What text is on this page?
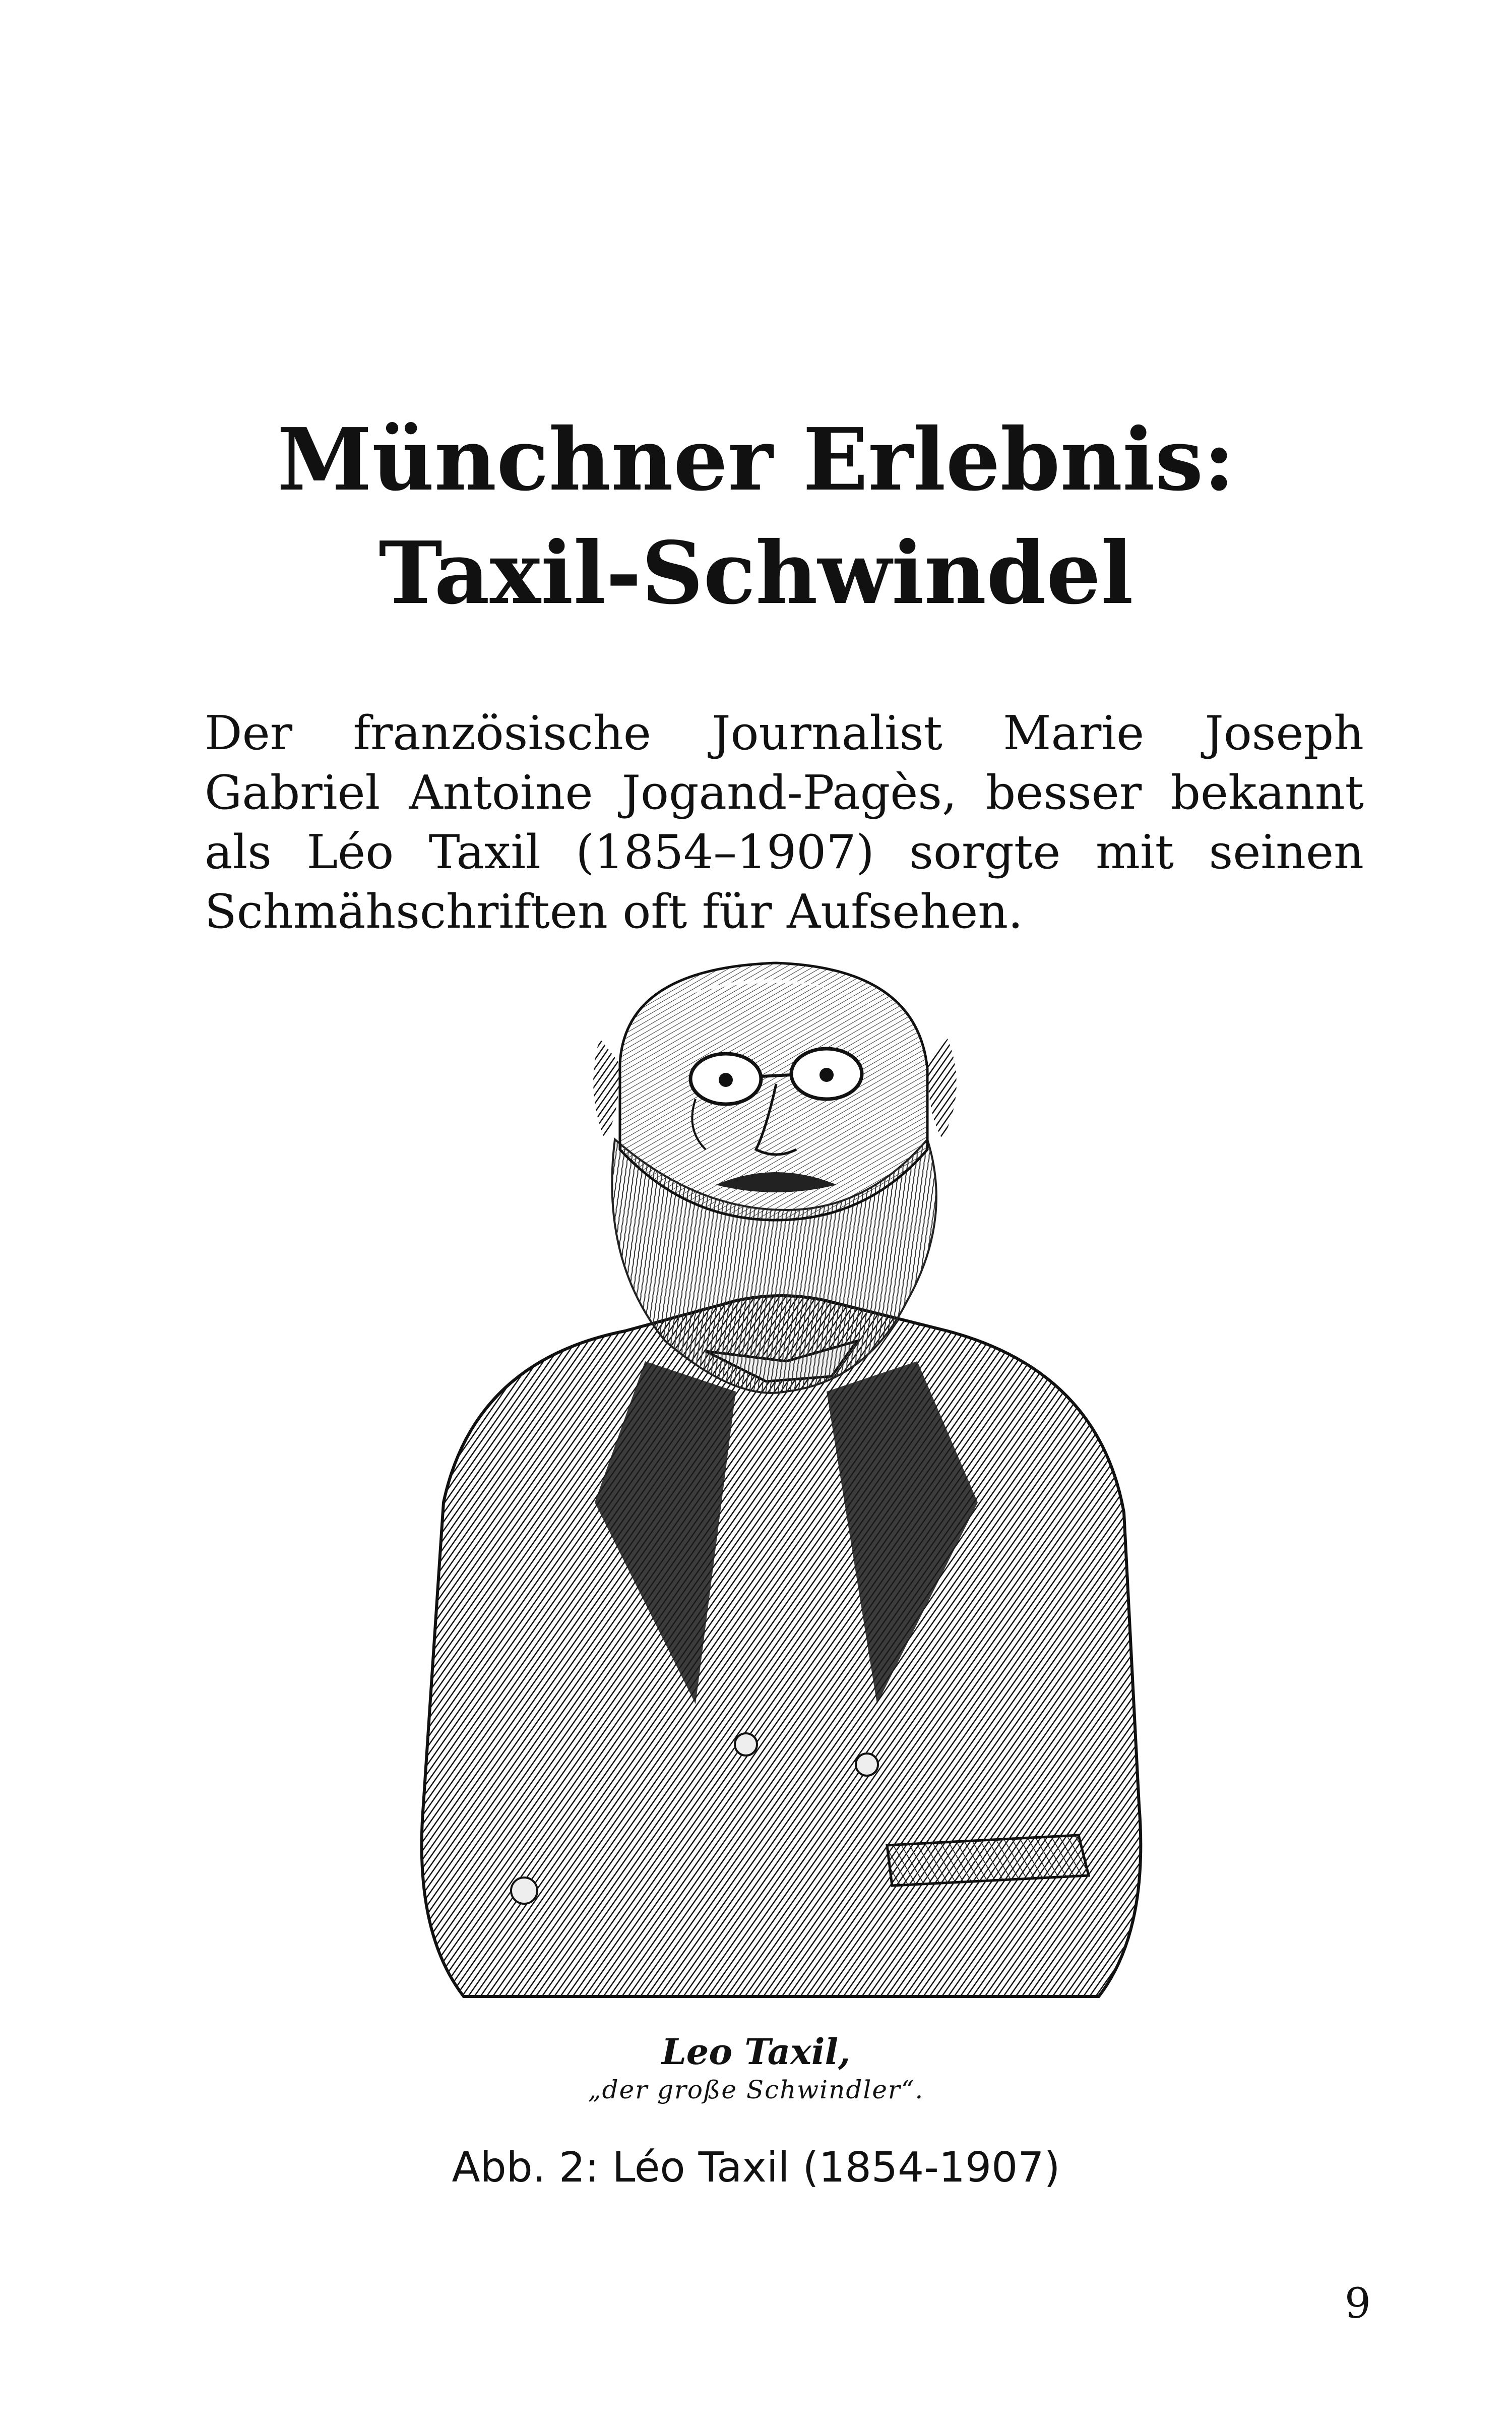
Münchner Erlebnis:
Taxil-Schwindel

Der französische Journalist Marie Joseph Gabriel Antoine Jogand-Pagès, besser bekannt als Léo Taxil (1854–1907) sorgte mit seinen Schmähschriften oft für Aufsehen.

Leo Taxil,
„der große Schwindler“.

Abb. 2: Léo Taxil (1854-1907)

9
